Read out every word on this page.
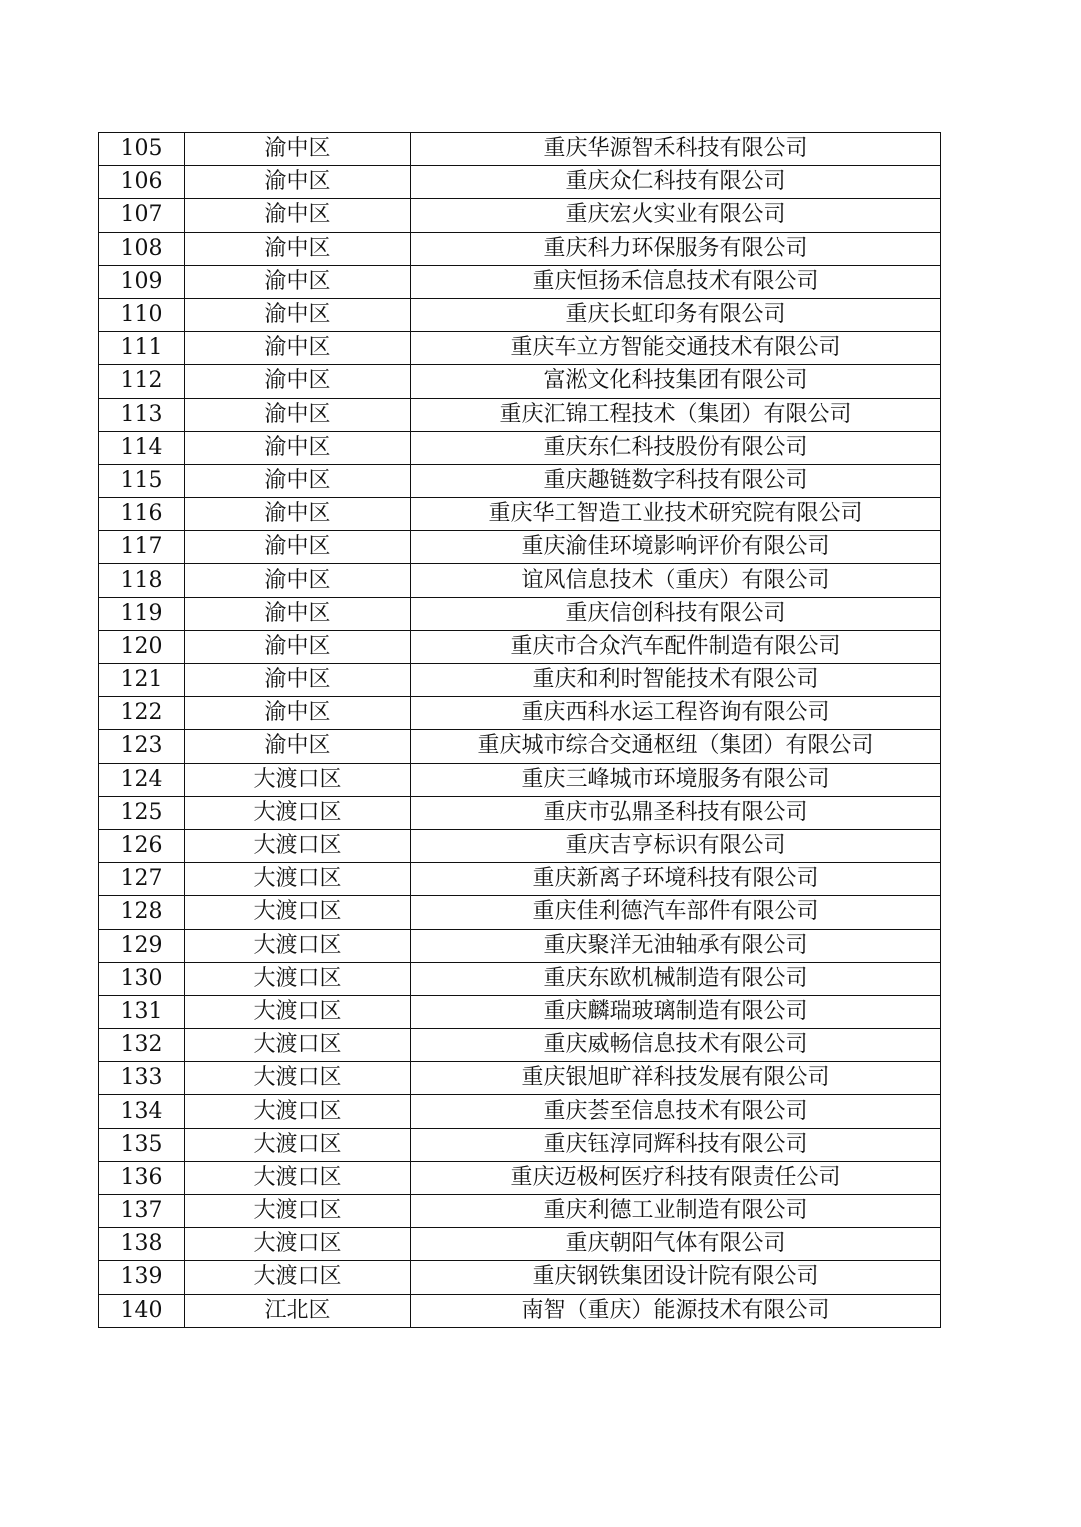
105	渝中区	重庆华源智禾科技有限公司
106	渝中区	重庆众仁科技有限公司
107	渝中区	重庆宏火实业有限公司
108	渝中区	重庆科力环保服务有限公司
109	渝中区	重庆恒扬禾信息技术有限公司
110	渝中区	重庆长虹印务有限公司
111	渝中区	重庆车立方智能交通技术有限公司
112	渝中区	富淞文化科技集团有限公司
113	渝中区	重庆汇锦工程技术（集团）有限公司
114	渝中区	重庆东仁科技股份有限公司
115	渝中区	重庆趣链数字科技有限公司
116	渝中区	重庆华工智造工业技术研究院有限公司
117	渝中区	重庆渝佳环境影响评价有限公司
118	渝中区	谊风信息技术（重庆）有限公司
119	渝中区	重庆信创科技有限公司
120	渝中区	重庆市合众汽车配件制造有限公司
121	渝中区	重庆和利时智能技术有限公司
122	渝中区	重庆西科水运工程咨询有限公司
123	渝中区	重庆城市综合交通枢纽（集团）有限公司
124	大渡口区	重庆三峰城市环境服务有限公司
125	大渡口区	重庆市弘鼎圣科技有限公司
126	大渡口区	重庆吉亨标识有限公司
127	大渡口区	重庆新离子环境科技有限公司
128	大渡口区	重庆佳利德汽车部件有限公司
129	大渡口区	重庆聚洋无油轴承有限公司
130	大渡口区	重庆东欧机械制造有限公司
131	大渡口区	重庆麟瑞玻璃制造有限公司
132	大渡口区	重庆威畅信息技术有限公司
133	大渡口区	重庆银旭旷祥科技发展有限公司
134	大渡口区	重庆荟至信息技术有限公司
135	大渡口区	重庆钰淳同辉科技有限公司
136	大渡口区	重庆迈极柯医疗科技有限责任公司
137	大渡口区	重庆利德工业制造有限公司
138	大渡口区	重庆朝阳气体有限公司
139	大渡口区	重庆钢铁集团设计院有限公司
140	江北区	南智（重庆）能源技术有限公司
